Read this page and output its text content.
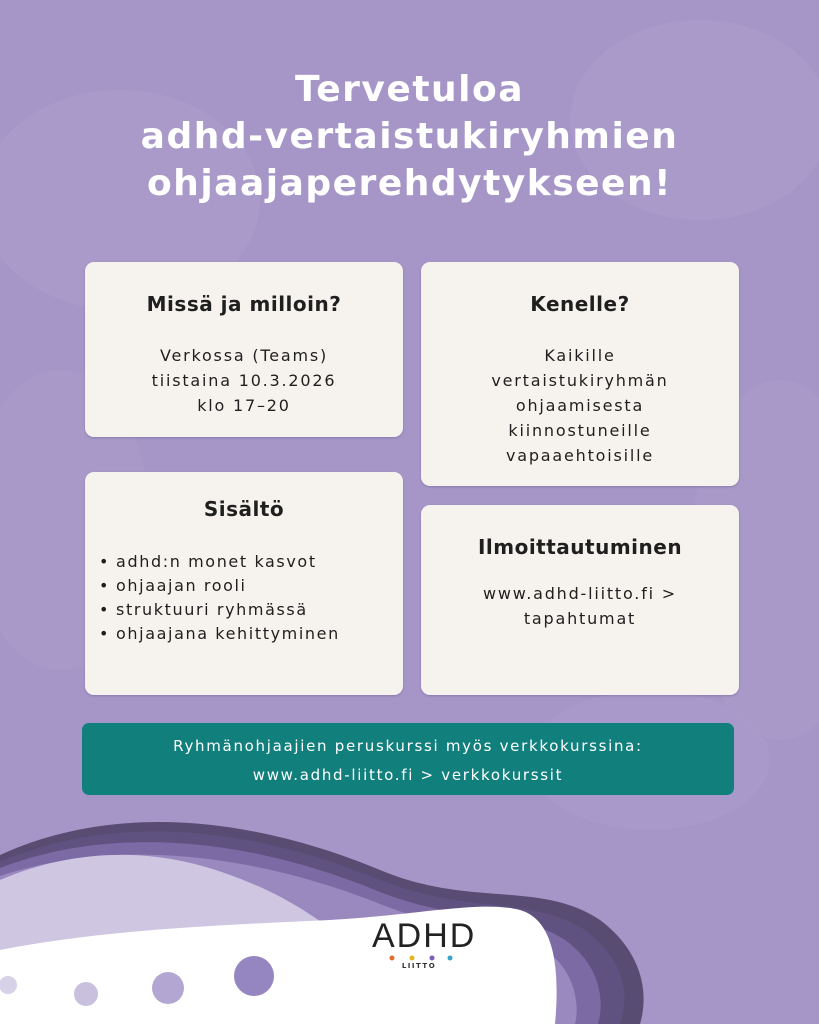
Tervetuloa
adhd-vertaistukiryhmien
ohjaajaperehdytykseen!
Missä ja milloin?
Verkossa (Teams)
tiistaina 10.3.2026
klo 17–20
Kenelle?
Kaikille
vertaistukiryhmän
ohjaamisesta
kiinnostuneille
vapaaehtoisille
Sisältö
• adhd:n monet kasvot
• ohjaajan rooli
• struktuuri ryhmässä
• ohjaajana kehittyminen
Ilmoittautuminen
www.adhd-liitto.fi >
tapahtumat
Ryhmänohjaajien peruskurssi myös verkkokurssina:
www.adhd-liitto.fi > verkkokurssit
ADHD
LIITTO
